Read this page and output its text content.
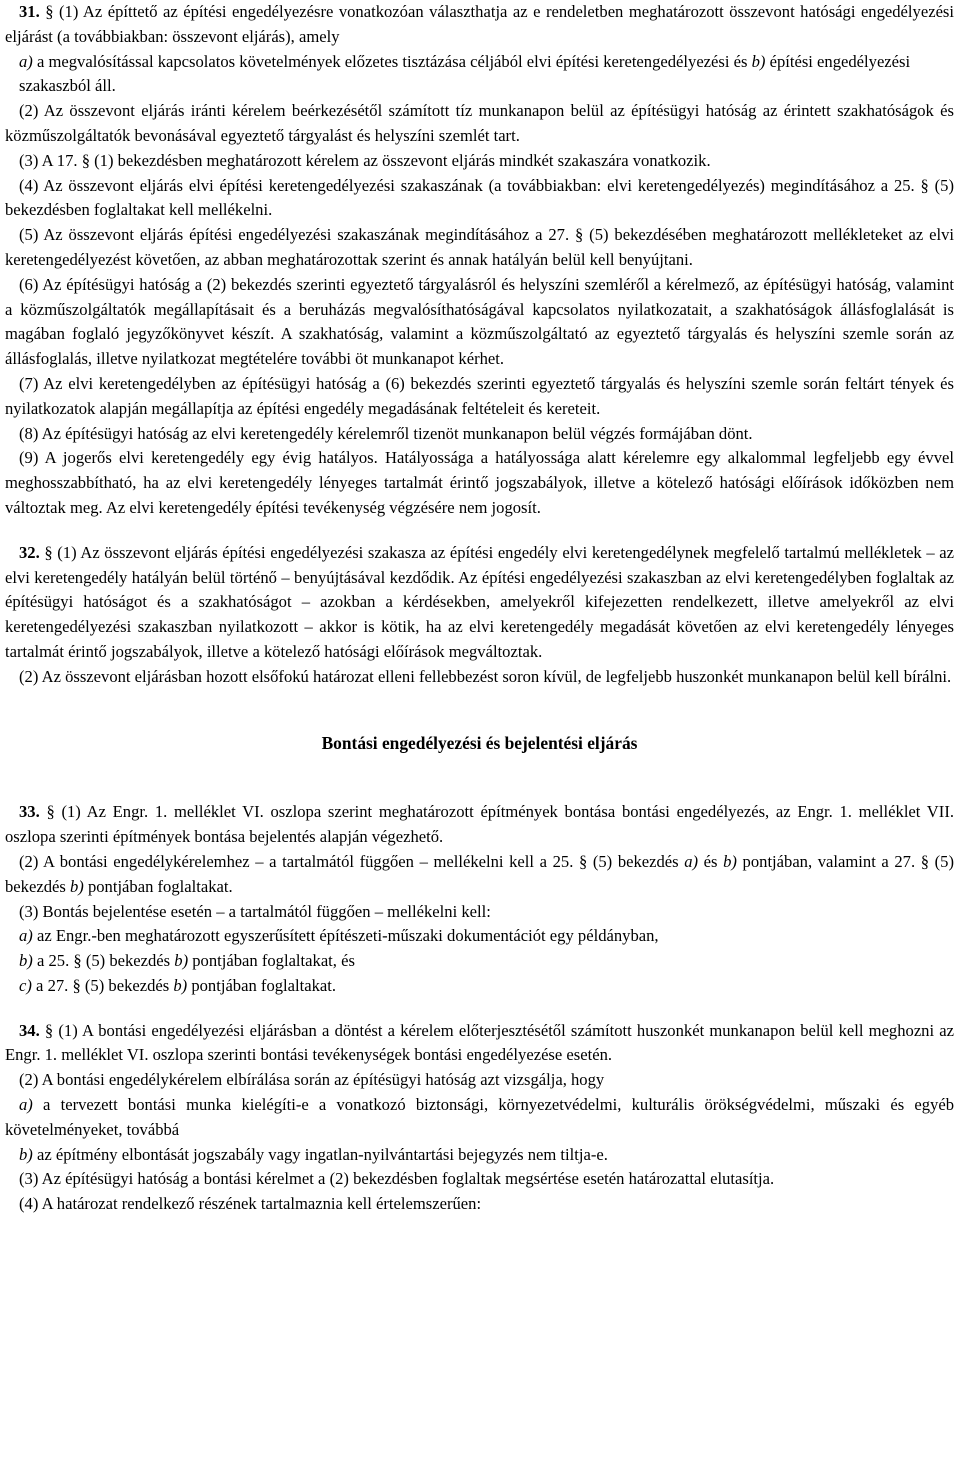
31. § (1) Az építtető az építési engedélyezésre vonatkozóan választhatja az e rendeletben meghatározott összevont hatósági engedélyezési eljárást (a továbbiakban: összevont eljárás), amely

a) a megvalósítással kapcsolatos követelmények előzetes tisztázása céljából elvi építési keretengedélyezési és b) építési engedélyezési

szakaszból áll.

(2) Az összevont eljárás iránti kérelem beérkezésétől számított tíz munkanapon belül az építésügyi hatóság az érintett szakhatóságok és közműszolgáltatók bevonásával egyeztető tárgyalást és helyszíni szemlét tart.

(3) A 17. § (1) bekezdésben meghatározott kérelem az összevont eljárás mindkét szakaszára vonatkozik.

(4) Az összevont eljárás elvi építési keretengedélyezési szakaszának (a továbbiakban: elvi keretengedélyezés) megindításához a 25. § (5) bekezdésben foglaltakat kell mellékelni.

(5) Az összevont eljárás építési engedélyezési szakaszának megindításához a 27. § (5) bekezdésében meghatározott mellékleteket az elvi keretengedélyezést követően, az abban meghatározottak szerint és annak hatályán belül kell benyújtani.

(6) Az építésügyi hatóság a (2) bekezdés szerinti egyeztető tárgyalásról és helyszíni szemléről a kérelmező, az építésügyi hatóság, valamint a közműszolgáltatók megállapításait és a beruházás megvalósíthatóságával kapcsolatos nyilatkozatait, a szakhatóságok állásfoglalását is magában foglaló jegyzőkönyvet készít. A szakhatóság, valamint a közműszolgáltató az egyeztető tárgyalás és helyszíni szemle során az állásfoglalás, illetve nyilatkozat megtételére további öt munkanapot kérhet.

(7) Az elvi keretengedélyben az építésügyi hatóság a (6) bekezdés szerinti egyeztető tárgyalás és helyszíni szemle során feltárt tények és nyilatkozatok alapján megállapítja az építési engedély megadásának feltételeit és kereteit.

(8) Az építésügyi hatóság az elvi keretengedély kérelemről tizenöt munkanapon belül végzés formájában dönt.

(9) A jogerős elvi keretengedély egy évig hatályos. Hatályossága a hatályossága alatt kérelemre egy alkalommal legfeljebb egy évvel meghosszabbítható, ha az elvi keretengedély lényeges tartalmát érintő jogszabályok, illetve a kötelező hatósági előírások időközben nem változtak meg. Az elvi keretengedély építési tevékenység végzésére nem jogosít.

32. § (1) Az összevont eljárás építési engedélyezési szakasza az építési engedély elvi keretengedélynek megfelelő tartalmú mellékletek – az elvi keretengedély hatályán belül történő – benyújtásával kezdődik. Az építési engedélyezési szakaszban az elvi keretengedélyben foglaltak az építésügyi hatóságot és a szakhatóságot – azokban a kérdésekben, amelyekről kifejezetten rendelkezett, illetve amelyekről az elvi keretengedélyezési szakaszban nyilatkozott – akkor is kötik, ha az elvi keretengedély megadását követően az elvi keretengedély lényeges tartalmát érintő jogszabályok, illetve a kötelező hatósági előírások megváltoztak.

(2) Az összevont eljárásban hozott elsőfokú határozat elleni fellebbezést soron kívül, de legfeljebb huszonkét munkanapon belül kell bírálni.

Bontási engedélyezési és bejelentési eljárás

33. § (1) Az Engr. 1. melléklet VI. oszlopa szerint meghatározott építmények bontása bontási engedélyezés, az Engr. 1. melléklet VII. oszlopa szerinti építmények bontása bejelentés alapján végezhető.

(2) A bontási engedélykérelemhez – a tartalmától függően – mellékelni kell a 25. § (5) bekezdés a) és b) pontjában, valamint a 27. § (5) bekezdés b) pontjában foglaltakat.

(3) Bontás bejelentése esetén – a tartalmától függően – mellékelni kell:

a) az Engr.-ben meghatározott egyszerűsített építészeti-műszaki dokumentációt egy példányban,

b) a 25. § (5) bekezdés b) pontjában foglaltakat, és

c) a 27. § (5) bekezdés b) pontjában foglaltakat.

34. § (1) A bontási engedélyezési eljárásban a döntést a kérelem előterjesztésétől számított huszonkét munkanapon belül kell meghozni az Engr. 1. melléklet VI. oszlopa szerinti bontási tevékenységek bontási engedélyezése esetén.

(2) A bontási engedélykérelem elbírálása során az építésügyi hatóság azt vizsgálja, hogy

a) a tervezett bontási munka kielégíti-e a vonatkozó biztonsági, környezetvédelmi, kulturális örökségvédelmi, műszaki és egyéb követelményeket, továbbá

b) az építmény elbontását jogszabály vagy ingatlan-nyilvántartási bejegyzés nem tiltja-e.

(3) Az építésügyi hatóság a bontási kérelmet a (2) bekezdésben foglaltak megsértése esetén határozattal elutasítja.

(4) A határozat rendelkező részének tartalmaznia kell értelemszerűen:
